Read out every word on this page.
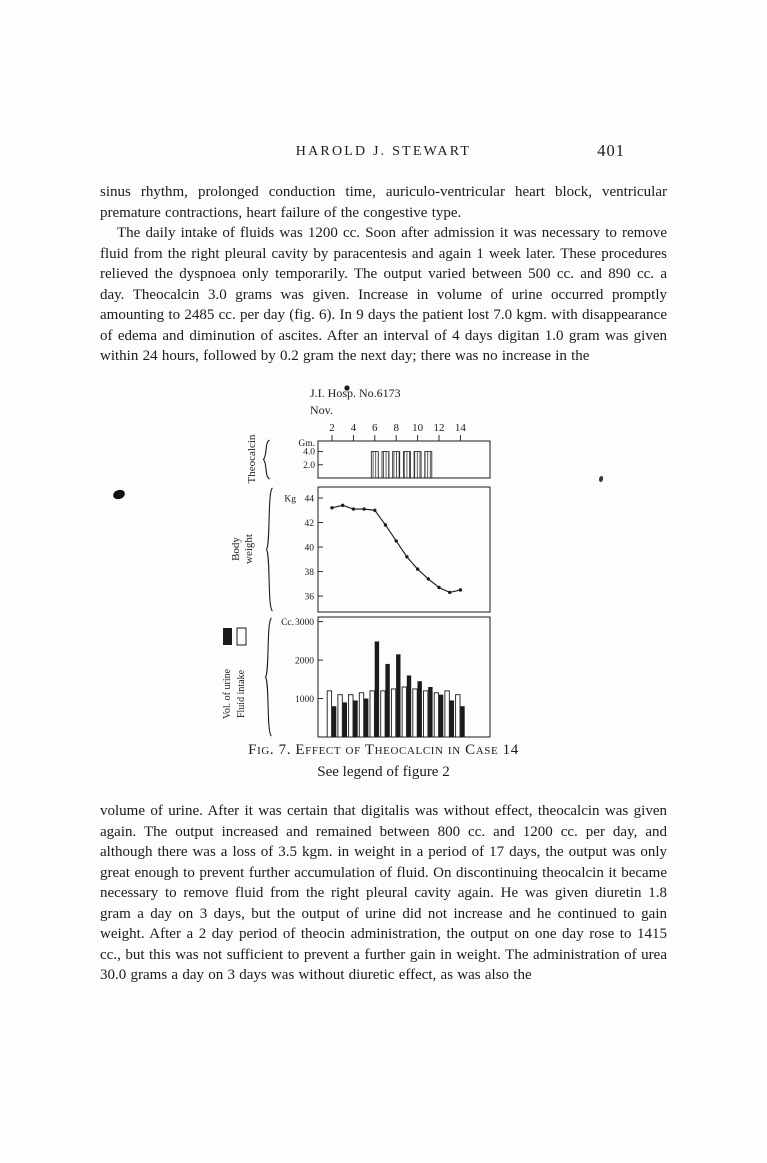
HAROLD J. STEWART	401
sinus rhythm, prolonged conduction time, auriculo-ventricular heart block, ventricular premature contractions, heart failure of the congestive type.
The daily intake of fluids was 1200 cc. Soon after admission it was necessary to remove fluid from the right pleural cavity by paracentesis and again 1 week later. These procedures relieved the dyspnoea only temporarily. The output varied between 500 cc. and 890 cc. a day. Theocalcin 3.0 grams was given. Increase in volume of urine occurred promptly amounting to 2485 cc. per day (fig. 6). In 9 days the patient lost 7.0 kgm. with disappearance of edema and diminution of ascites. After an interval of 4 days digitan 1.0 gram was given within 24 hours, followed by 0.2 gram the next day; there was no increase in the
J.I. Hosp. No.6173
Nov.
2 4 6 8 10 12 14
Gm.
4.0
2.0
Theocalcin
Kg 44
42
40
38
36
Body weight
Cc. 3000
2000
1000
Vol. of urine Fluid intake
Fig. 7. Effect of Theocalcin in Case 14
See legend of figure 2
volume of urine. After it was certain that digitalis was without effect, theocalcin was given again. The output increased and remained between 800 cc. and 1200 cc. per day, and although there was a loss of 3.5 kgm. in weight in a period of 17 days, the output was only great enough to prevent further accumulation of fluid. On discontinuing theocalcin it became necessary to remove fluid from the right pleural cavity again. He was given diuretin 1.8 gram a day on 3 days, but the output of urine did not increase and he continued to gain weight. After a 2 day period of theocin administration, the output on one day rose to 1415 cc., but this was not sufficient to prevent a further gain in weight. The administration of urea 30.0 grams a day on 3 days was without diuretic effect, as was also the
